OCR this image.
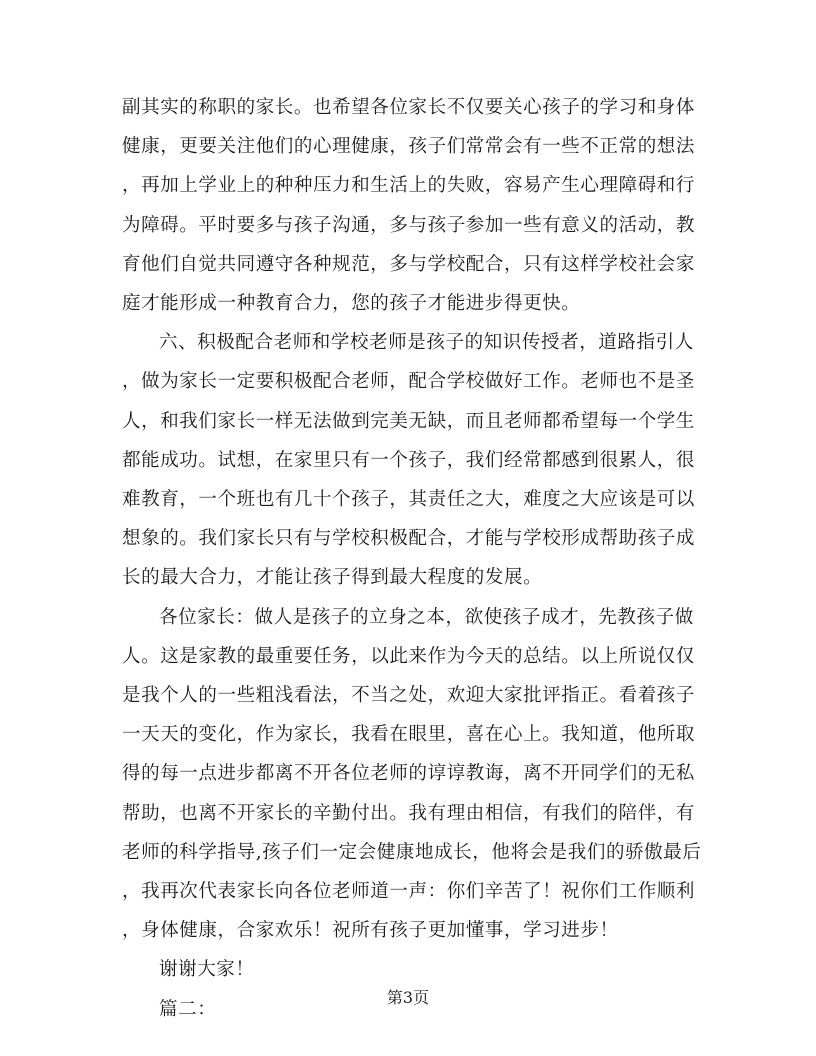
副其实的称职的家长。也希望各位家长不仅要关心孩子的学习和身体
健康，更要关注他们的心理健康，孩子们常常会有一些不正常的想法
，再加上学业上的种种压力和生活上的失败，容易产生心理障碍和行
为障碍。平时要多与孩子沟通，多与孩子参加一些有意义的活动，教
育他们自觉共同遵守各种规范，多与学校配合，只有这样学校社会家
庭才能形成一种教育合力，您的孩子才能进步得更快。
六、积极配合老师和学校老师是孩子的知识传授者，道路指引人
，做为家长一定要积极配合老师，配合学校做好工作。老师也不是圣
人，和我们家长一样无法做到完美无缺，而且老师都希望每一个学生
都能成功。试想，在家里只有一个孩子，我们经常都感到很累人，很
难教育，一个班也有几十个孩子，其责任之大，难度之大应该是可以
想象的。我们家长只有与学校积极配合，才能与学校形成帮助孩子成
长的最大合力，才能让孩子得到最大程度的发展。
各位家长：做人是孩子的立身之本，欲使孩子成才，先教孩子做
人。这是家教的最重要任务，以此来作为今天的总结。以上所说仅仅
是我个人的一些粗浅看法，不当之处，欢迎大家批评指正。看着孩子
一天天的变化，作为家长，我看在眼里，喜在心上。我知道，他所取
得的每一点进步都离不开各位老师的谆谆教诲，离不开同学们的无私
帮助，也离不开家长的辛勤付出。我有理由相信，有我们的陪伴，有
老师的科学指导,孩子们一定会健康地成长，他将会是我们的骄傲最后
，我再次代表家长向各位老师道一声：你们辛苦了！祝你们工作顺利
，身体健康，合家欢乐！祝所有孩子更加懂事，学习进步！
谢谢大家！
第3页
篇二：
